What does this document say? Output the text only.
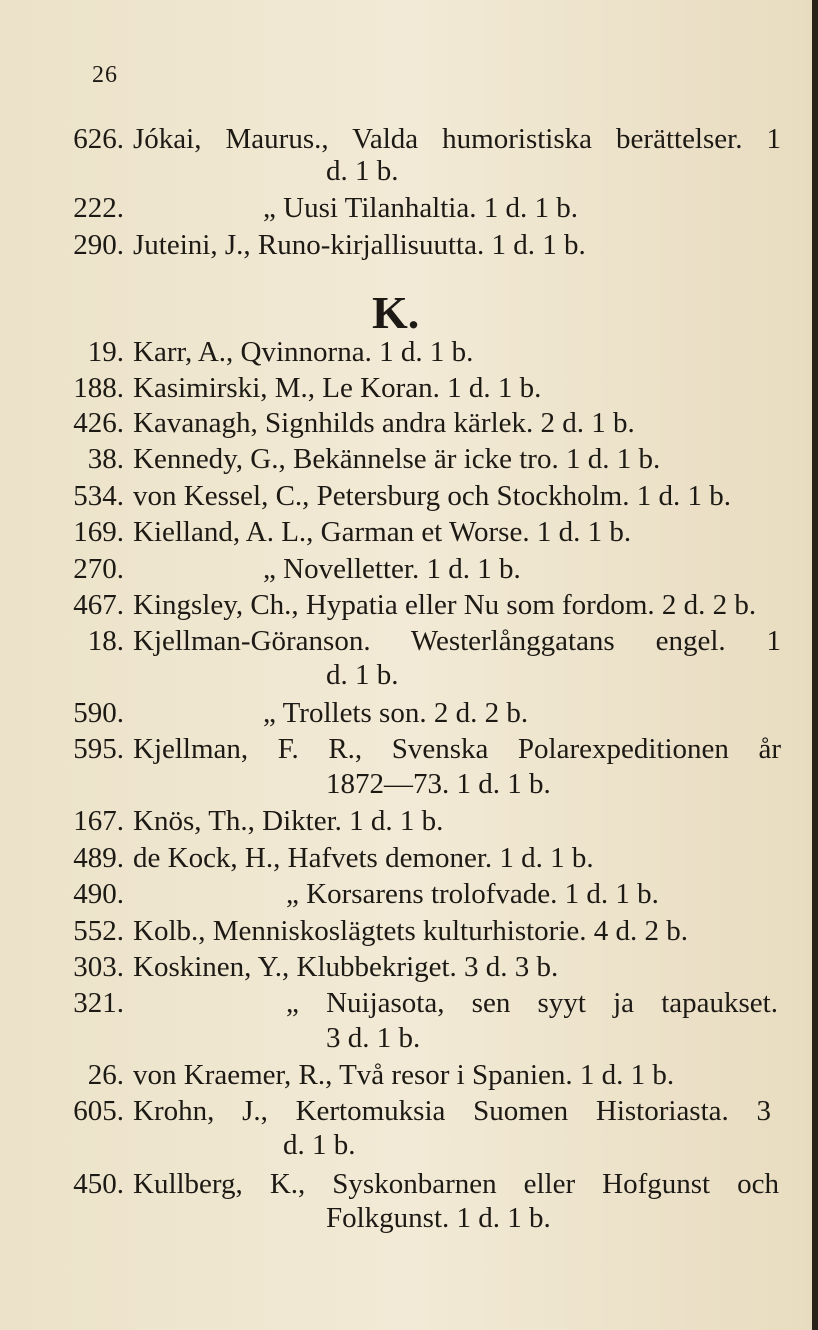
26
626. Jókai, Maurus., Valda humoristiska berättelser. 1
d. 1 b.
222.	„ Uusi Tilanhaltia. 1 d. 1 b.
290. Juteini, J., Runo-kirjallisuutta. 1 d. 1 b.
K.
19. Karr, A., Qvinnorna. 1 d. 1 b.
188. Kasimirski, M., Le Koran. 1 d. 1 b.
426. Kavanagh, Signhilds andra kärlek. 2 d. 1 b.
38. Kennedy, G., Bekännelse är icke tro. 1 d. 1 b.
534. von Kessel, C., Petersburg och Stockholm. 1 d. 1 b.
169. Kielland, A. L., Garman et Worse. 1 d. 1 b.
270.	„ Novelletter. 1 d. 1 b.
467. Kingsley, Ch., Hypatia eller Nu som fordom. 2 d. 2 b.
18. Kjellman-Göranson. Westerlånggatans engel. 1
d. 1 b.
590.	„ Trollets son. 2 d. 2 b.
595. Kjellman, F. R., Svenska Polarexpeditionen år
1872—73. 1 d. 1 b.
167. Knös, Th., Dikter. 1 d. 1 b.
489. de Kock, H., Hafvets demoner. 1 d. 1 b.
490.	„ Korsarens trolofvade. 1 d. 1 b.
552. Kolb., Menniskoslägtets kulturhistorie. 4 d. 2 b.
303. Koskinen, Y., Klubbekriget. 3 d. 3 b.
321.	„ Nuijasota, sen syyt ja tapaukset.
3 d. 1 b.
26. von Kraemer, R., Två resor i Spanien. 1 d. 1 b.
605. Krohn, J., Kertomuksia Suomen Historiasta. 3
d. 1 b.
450. Kullberg, K., Syskonbarnen eller Hofgunst och
Folkgunst. 1 d. 1 b.
